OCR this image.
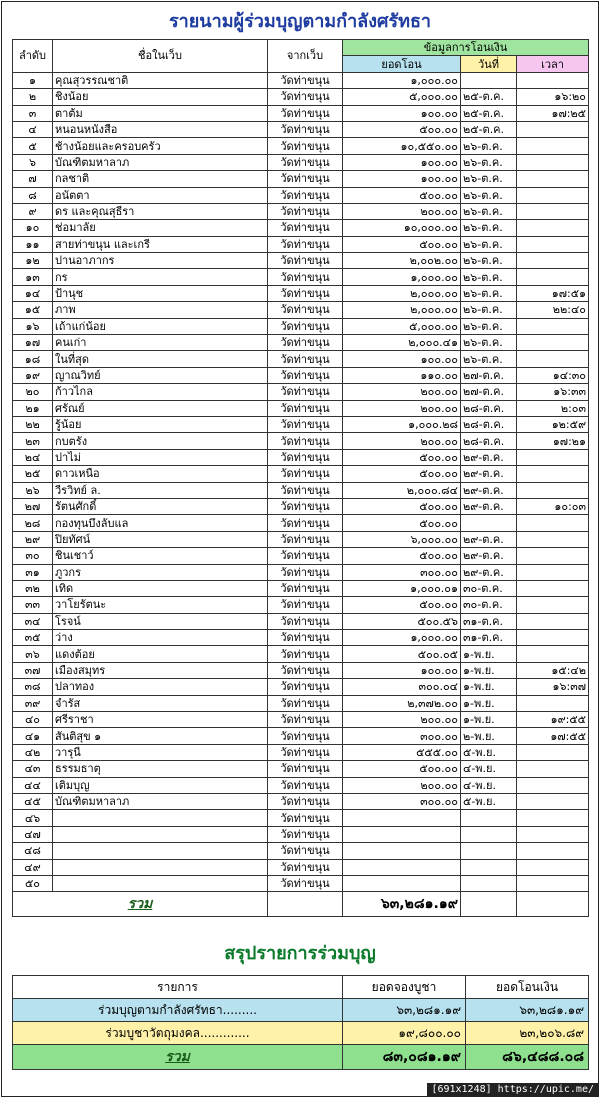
รายนามผู้ร่วมบุญตามกำลังศรัทธา
ลำดับ	ชื่อในเว็บ	จากเว็บ	ข้อมูลการโอนเงิน		
			ยอดโอน	วันที่	เวลา
๑	คุณสุวรรณชาติ	วัดท่าขนุน	๑,๐๐๐.๐๐		
๒	ชิงน้อย	วัดท่าขนุน	๕,๐๐๐.๐๐	๒๕-ต.ค.	๑๖:๒๐
๓	ตาต้ม	วัดท่าขนุน	๑๐๐.๐๐	๒๕-ต.ค.	๑๗:๒๕
๔	หนอนหนังสือ	วัดท่าขนุน	๕๐๐.๐๐	๒๕-ต.ค.	
๕	ช้างน้อยและครอบครัว	วัดท่าขนุน	๑๐,๕๕๐.๐๐	๒๖-ต.ค.	
๖	บัณฑิตมหาลาภ	วัดท่าขนุน	๑๐๐.๐๐	๒๖-ต.ค.	
๗	กลชาติ	วัดท่าขนุน	๑๐๐.๐๐	๒๖-ต.ค.	
๘	อนัตตา	วัดท่าขนุน	๕๐๐.๐๐	๒๖-ต.ค.	
๙	ดร และคุณสุธีรา	วัดท่าขนุน	๒๐๐.๐๐	๒๖-ต.ค.	
๑๐	ช่อมาลัย	วัดท่าขนุน	๑๐,๐๐๐.๐๐	๒๖-ต.ค.	
๑๑	สายท่าขนุน และเกรี	วัดท่าขนุน	๕๐๐.๐๐	๒๖-ต.ค.	
๑๒	ปานอาภากร	วัดท่าขนุน	๒,๐๐๒.๐๐	๒๖-ต.ค.	
๑๓	กร	วัดท่าขนุน	๑,๐๐๐.๐๐	๒๖-ต.ค.	
๑๔	ป้านุช	วัดท่าขนุน	๒,๐๐๐.๐๐	๒๖-ต.ค.	๑๗:๕๑
๑๕	ภาพ	วัดท่าขนุน	๒,๐๐๐.๐๐	๒๖-ต.ค.	๒๒:๔๐
๑๖	เถ้าแก่น้อย	วัดท่าขนุน	๕,๐๐๐.๐๐	๒๖-ต.ค.	
๑๗	คนเก่า	วัดท่าขนุน	๒,๐๐๐.๔๑	๒๖-ต.ค.	
๑๘	ในที่สุด	วัดท่าขนุน	๑๐๐.๐๐	๒๖-ต.ค.	
๑๙	ญาณวิทย์	วัดท่าขนุน	๑๑๐.๐๐	๒๗-ต.ค.	๑๔:๓๐
๒๐	ก้าวไกล	วัดท่าขนุน	๒๐๐.๐๐	๒๗-ต.ค.	๑๖:๓๓
๒๑	ศรัณย์	วัดท่าขนุน	๒๐๐.๐๐	๒๘-ต.ค.	๒:๐๓
๒๒	รู้น้อย	วัดท่าขนุน	๑,๐๐๐.๒๘	๒๘-ต.ค.	๑๒:๕๙
๒๓	กบตรัง	วัดท่าขนุน	๒๐๐.๐๐	๒๘-ต.ค.	๑๗:๒๑
๒๔	ปาไม่	วัดท่าขนุน	๕๐๐.๐๐	๒๙-ต.ค.	
๒๕	ดาวเหนือ	วัดท่าขนุน	๕๐๐.๐๐	๒๙-ต.ค.	
๒๖	วีรวิทย์ ล.	วัดท่าขนุน	๒,๐๐๐.๘๔	๒๙-ต.ค.	
๒๗	รัตนศักดิ์	วัดท่าขนุน	๕๐๐.๐๐	๒๙-ต.ค.	๑๐:๐๓
๒๘	กองทุนบึงลับแล	วัดท่าขนุน	๕๐๐.๐๐		
๒๙	ปิยทัศน์	วัดท่าขนุน	๖,๐๐๐.๐๐	๒๙-ต.ค.	
๓๐	ชินเชาว์	วัดท่าขนุน	๕๐๐.๐๐	๒๙-ต.ค.	
๓๑	ภูวกร	วัดท่าขนุน	๓๐๐.๐๐	๒๙-ต.ค.	
๓๒	เทิด	วัดท่าขนุน	๑,๐๐๐.๐๑	๓๐-ต.ค.	
๓๓	วาโยรัตนะ	วัดท่าขนุน	๕๐๐.๐๐	๓๐-ต.ค.	
๓๔	โรจน์	วัดท่าขนุน	๕๐๐.๕๖	๓๑-ต.ค.	
๓๕	ว่าง	วัดท่าขนุน	๑,๐๐๐.๐๐	๓๑-ต.ค.	
๓๖	แดงต้อย	วัดท่าขนุน	๕๐๐.๐๕	๑-พ.ย.	
๓๗	เมืองสมุทร	วัดท่าขนุน	๑๐๐.๐๐	๑-พ.ย.	๑๕:๔๒
๓๘	ปลาทอง	วัดท่าขนุน	๓๐๐.๐๔	๑-พ.ย.	๑๖:๓๗
๓๙	จำรัส	วัดท่าขนุน	๒,๓๗๒.๐๐	๑-พ.ย.	
๔๐	ศรีราชา	วัดท่าขนุน	๒๐๐.๐๐	๑-พ.ย.	๑๙:๕๕
๔๑	สันติสุข ๑	วัดท่าขนุน	๓๐๐.๐๐	๒-พ.ย.	๑๗:๕๕
๔๒	วารุนี	วัดท่าขนุน	๕๕๕.๐๐	๕-พ.ย.	
๔๓	ธรรมธาตุ	วัดท่าขนุน	๕๐๐.๐๐	๔-พ.ย.	
๔๔	เติมบุญ	วัดท่าขนุน	๒๐๐.๐๐	๔-พ.ย.	
๔๕	บัณฑิตมหาลาภ	วัดท่าขนุน	๓๐๐.๐๐	๕-พ.ย.	
๔๖		วัดท่าขนุน			
๔๗		วัดท่าขนุน			
๔๘		วัดท่าขนุน			
๔๙		วัดท่าขนุน			
๕๐		วัดท่าขนุน			
รวม			๖๓,๒๘๑.๑๙		
สรุปรายการร่วมบุญ
รายการ	ยอดจองบูชา	ยอดโอนเงิน
ร่วมบุญตามกำลังศรัทธา.........	๖๓,๒๘๑.๑๙	๖๓,๒๘๑.๑๙
ร่วมบูชาวัตถุมงคล.............	๑๙,๘๐๐.๐๐	๒๓,๒๐๖.๘๙
รวม	๘๓,๐๘๑.๑๙	๘๖,๔๘๘.๐๘
[691x1248] https://upic.me/
